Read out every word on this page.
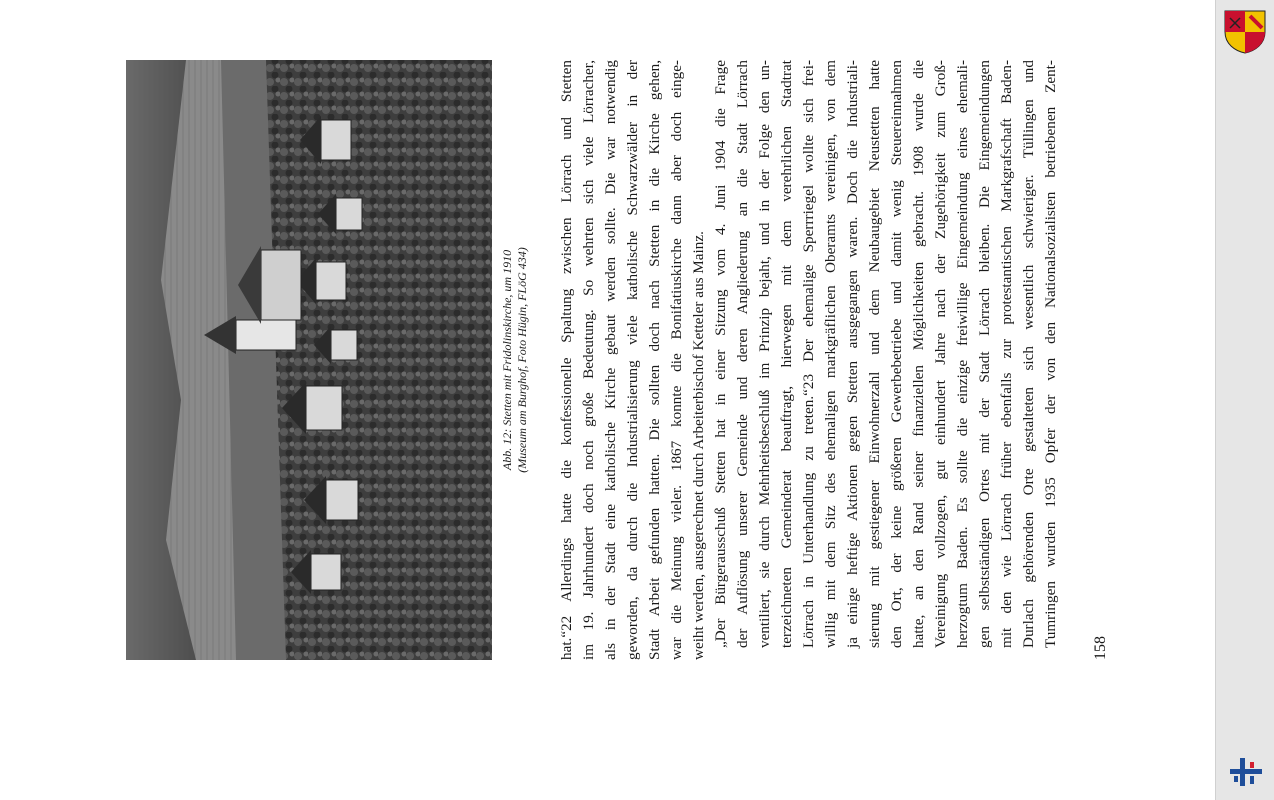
Abb. 12: Stetten mit Fridolinskirche, um 1910 (Museum am Burghof, Foto Hügin, FLöG 434) hat.“22 Allerdings hatte die konfessionelle Spaltung zwischen Lörrach und Stetten im 19. Jahrhundert doch noch große Bedeutung. So wehrten sich viele Lörracher, als in der Stadt eine katholische Kirche gebaut werden sollte. Die war notwendig geworden, da durch die Industrialisierung viele katholische Schwarzwälder in der Stadt Arbeit gefunden hatten. Die sollten doch nach Stetten in die Kirche gehen, war die Meinung vieler. 1867 konnte die Bonifatiuskirche dann aber doch einge- weiht werden, ausgerechnet durch Arbeiterbischof Ketteler aus Mainz. „Der Bürgerausschuß Stetten hat in einer Sitzung vom 4. Juni 1904 die Frage der Auflösung unserer Gemeinde und deren Angliederung an die Stadt Lörrach ventiliert, sie durch Mehrheitsbeschluß im Prinzip bejaht, und in der Folge den un- terzeichneten Gemeinderat beauftragt, hierwegen mit dem verehrlichen Stadtrat Lörrach in Unterhandlung zu treten.“23 Der ehemalige Sperrriegel wollte sich frei- willig mit dem Sitz des ehemaligen markgräflichen Oberamts vereinigen, von dem ja einige heftige Aktionen gegen Stetten ausgegangen waren. Doch die Industriali- sierung mit gestiegener Einwohnerzahl und dem Neubaugebiet Neustetten hatte den Ort, der keine größeren Gewerbebetriebe und damit wenig Steuereinnahmen hatte, an den Rand seiner finanziellen Möglichkeiten gebracht. 1908 wurde die Vereinigung vollzogen, gut einhundert Jahre nach der Zugehörigkeit zum Groß- herzogtum Baden. Es sollte die einzige freiwillige Eingemeindung eines ehemali- gen selbstständigen Ortes mit der Stadt Lörrach bleiben. Die Eingemeindungen mit den wie Lörrach früher ebenfalls zur protestantischen Markgrafschaft Baden- Durlach gehörenden Orte gestalteten sich wesentlich schwieriger. Tüllingen und Tumringen wurden 1935 Opfer der von den Nationalsozialisten betriebenen Zent- 158
